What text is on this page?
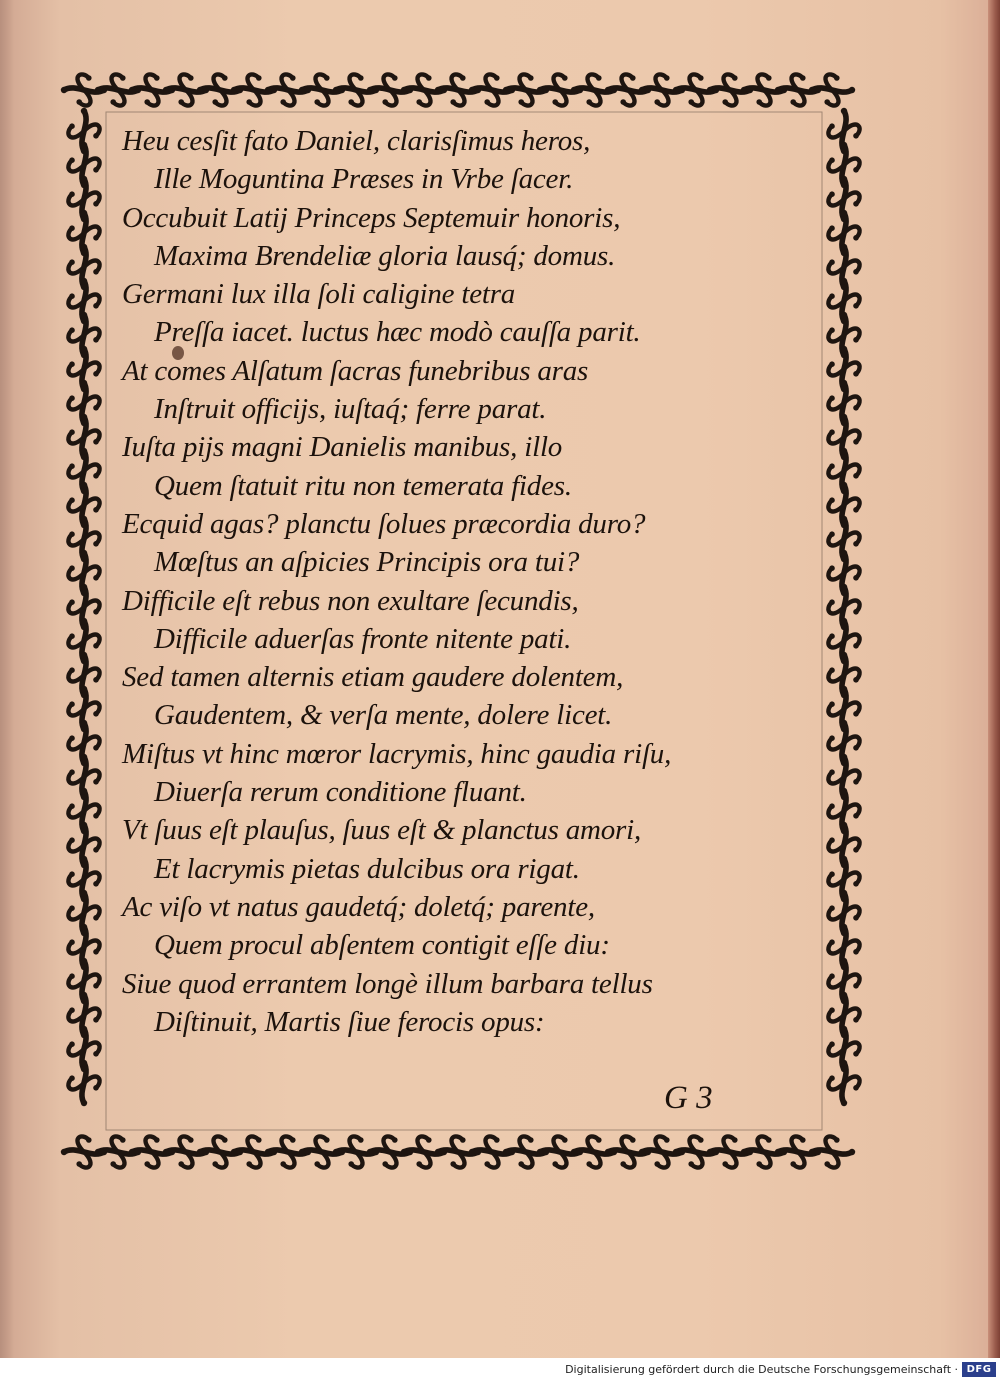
Heu cesſit fato Daniel, clarisſimus heros,
Ille Moguntina Præses in Vrbe ſacer.
Occubuit Latij Princeps Septemuir honoris,
Maxima Brendeliæ gloria lausq́; domus.
Germani lux illa ſoli caligine tetra
Preſſa iacet. luctus hæc modò cauſſa parit.
At comes Alſatum ſacras funebribus aras
Inſtruit officijs, iuſtaq́; ferre parat.
Iuſta pijs magni Danielis manibus, illo
Quem ſtatuit ritu non temerata fides.
Ecquid agas? planctu ſolues præcordia duro?
Mœſtus an aſpicies Principis ora tui?
Difficile eſt rebus non exultare ſecundis,
Difficile aduerſas fronte nitente pati.
Sed tamen alternis etiam gaudere dolentem,
Gaudentem, & verſa mente, dolere licet.
Miſtus vt hinc mœror lacrymis, hinc gaudia riſu,
Diuerſa rerum conditione fluant.
Vt ſuus eſt plauſus, ſuus eſt & planctus amori,
Et lacrymis pietas dulcibus ora rigat.
Ac viſo vt natus gaudetq́; doletq́; parente,
Quem procul abſentem contigit eſſe diu:
Siue quod errantem longè illum barbara tellus
Diſtinuit, Martis ſiue ferocis opus:
G 3
Digitalisierung gefördert durch die Deutsche Forschungsgemeinschaft · DFG
